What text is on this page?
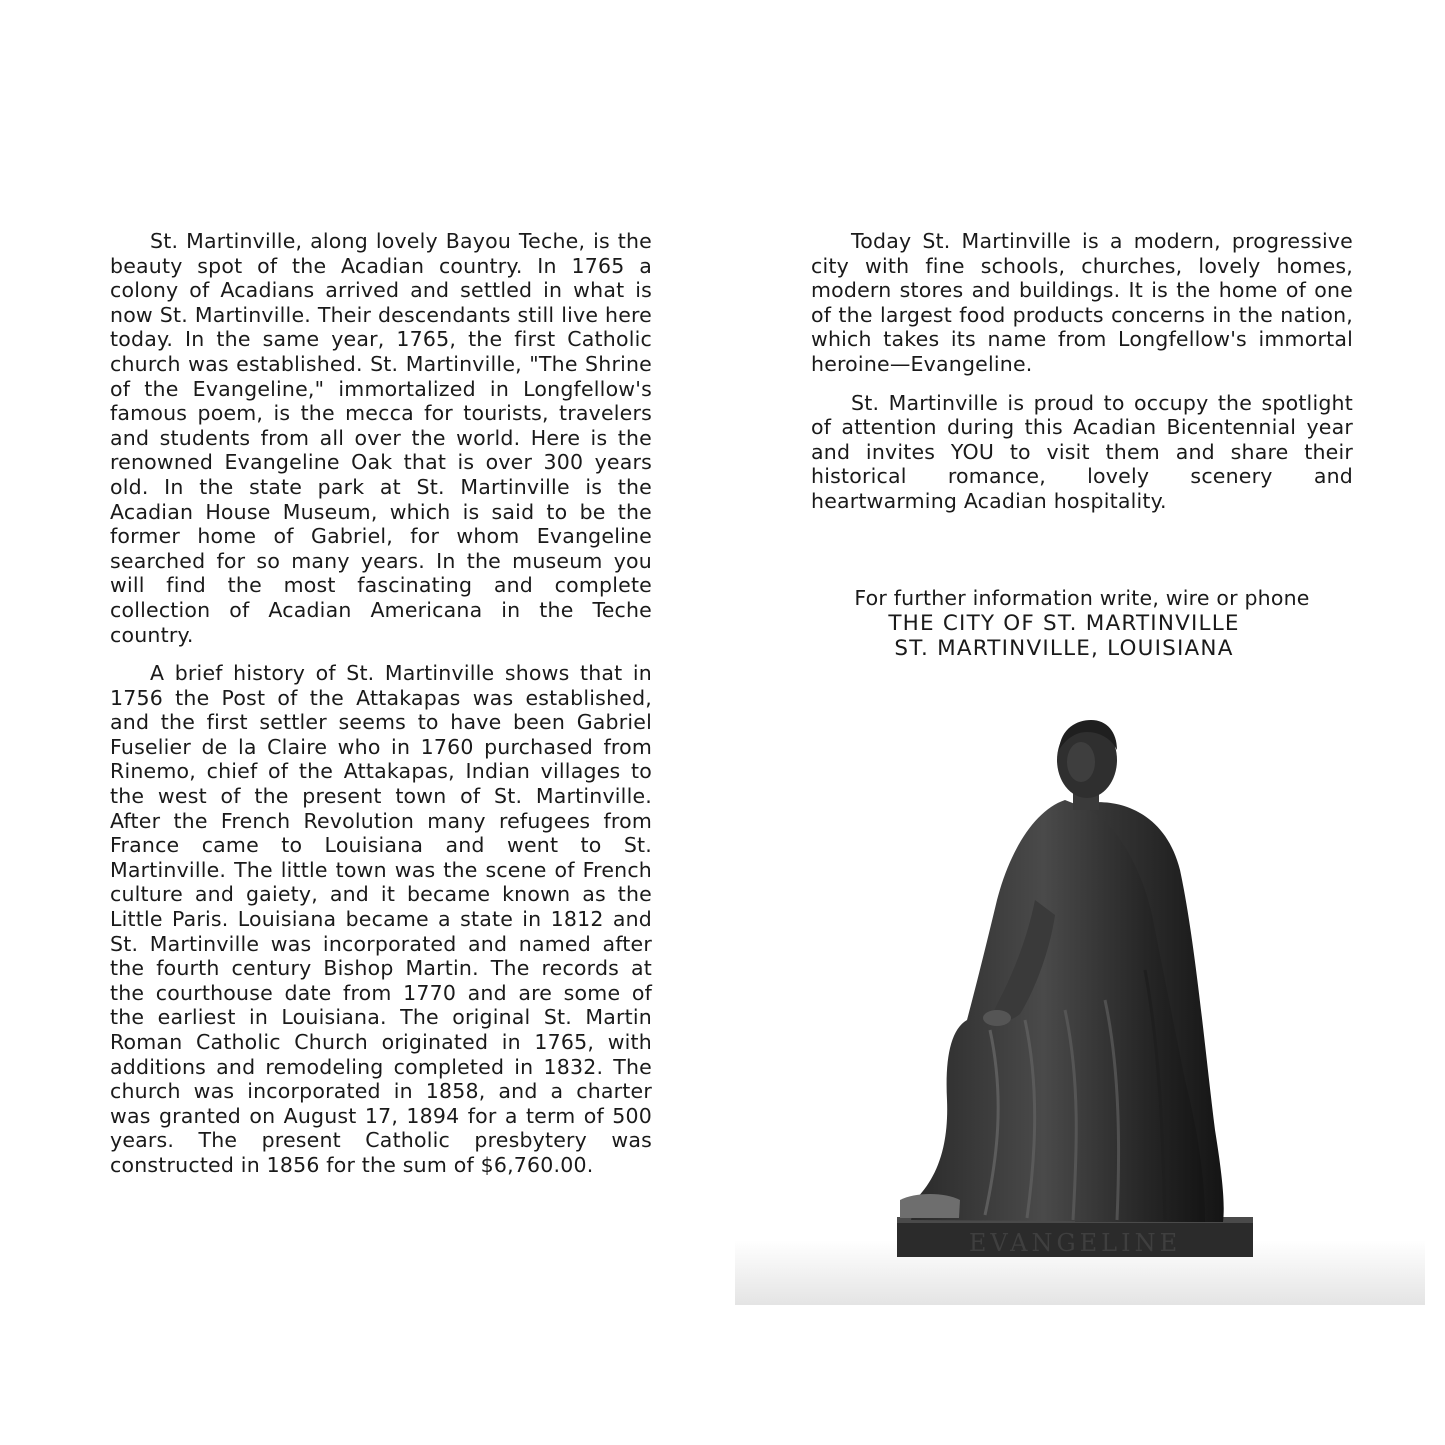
St. Martinville, along lovely Bayou Teche, is the beauty spot of the Acadian country. In 1765 a colony of Acadians arrived and settled in what is now St. Martinville. Their descendants still live here today. In the same year, 1765, the first Catholic church was established. St. Martinville, "The Shrine of the Evangeline," immortalized in Longfellow's famous poem, is the mecca for tourists, travelers and students from all over the world. Here is the renowned Evangeline Oak that is over 300 years old. In the state park at St. Martinville is the Acadian House Museum, which is said to be the former home of Gabriel, for whom Evangeline searched for so many years. In the museum you will find the most fascinating and complete collection of Acadian Americana in the Teche country.

A brief history of St. Martinville shows that in 1756 the Post of the Attakapas was established, and the first settler seems to have been Gabriel Fuselier de la Claire who in 1760 purchased from Rinemo, chief of the Attakapas, Indian villages to the west of the present town of St. Martinville. After the French Revolution many refugees from France came to Louisiana and went to St. Martinville. The little town was the scene of French culture and gaiety, and it became known as the Little Paris. Louisiana became a state in 1812 and St. Martinville was incorporated and named after the fourth century Bishop Martin. The records at the courthouse date from 1770 and are some of the earliest in Louisiana. The original St. Martin Roman Catholic Church originated in 1765, with additions and remodeling completed in 1832. The church was incorporated in 1858, and a charter was granted on August 17, 1894 for a term of 500 years. The present Catholic presbytery was constructed in 1856 for the sum of $6,760.00.

Today St. Martinville is a modern, progressive city with fine schools, churches, lovely homes, modern stores and buildings. It is the home of one of the largest food products concerns in the nation, which takes its name from Longfellow's immortal heroine—Evangeline.

St. Martinville is proud to occupy the spotlight of attention during this Acadian Bicentennial year and invites YOU to visit them and share their historical romance, lovely scenery and heartwarming Acadian hospitality.

For further information write, wire or phone
THE CITY OF ST. MARTINVILLE
ST. MARTINVILLE, LOUISIANA
EVANGELINE
